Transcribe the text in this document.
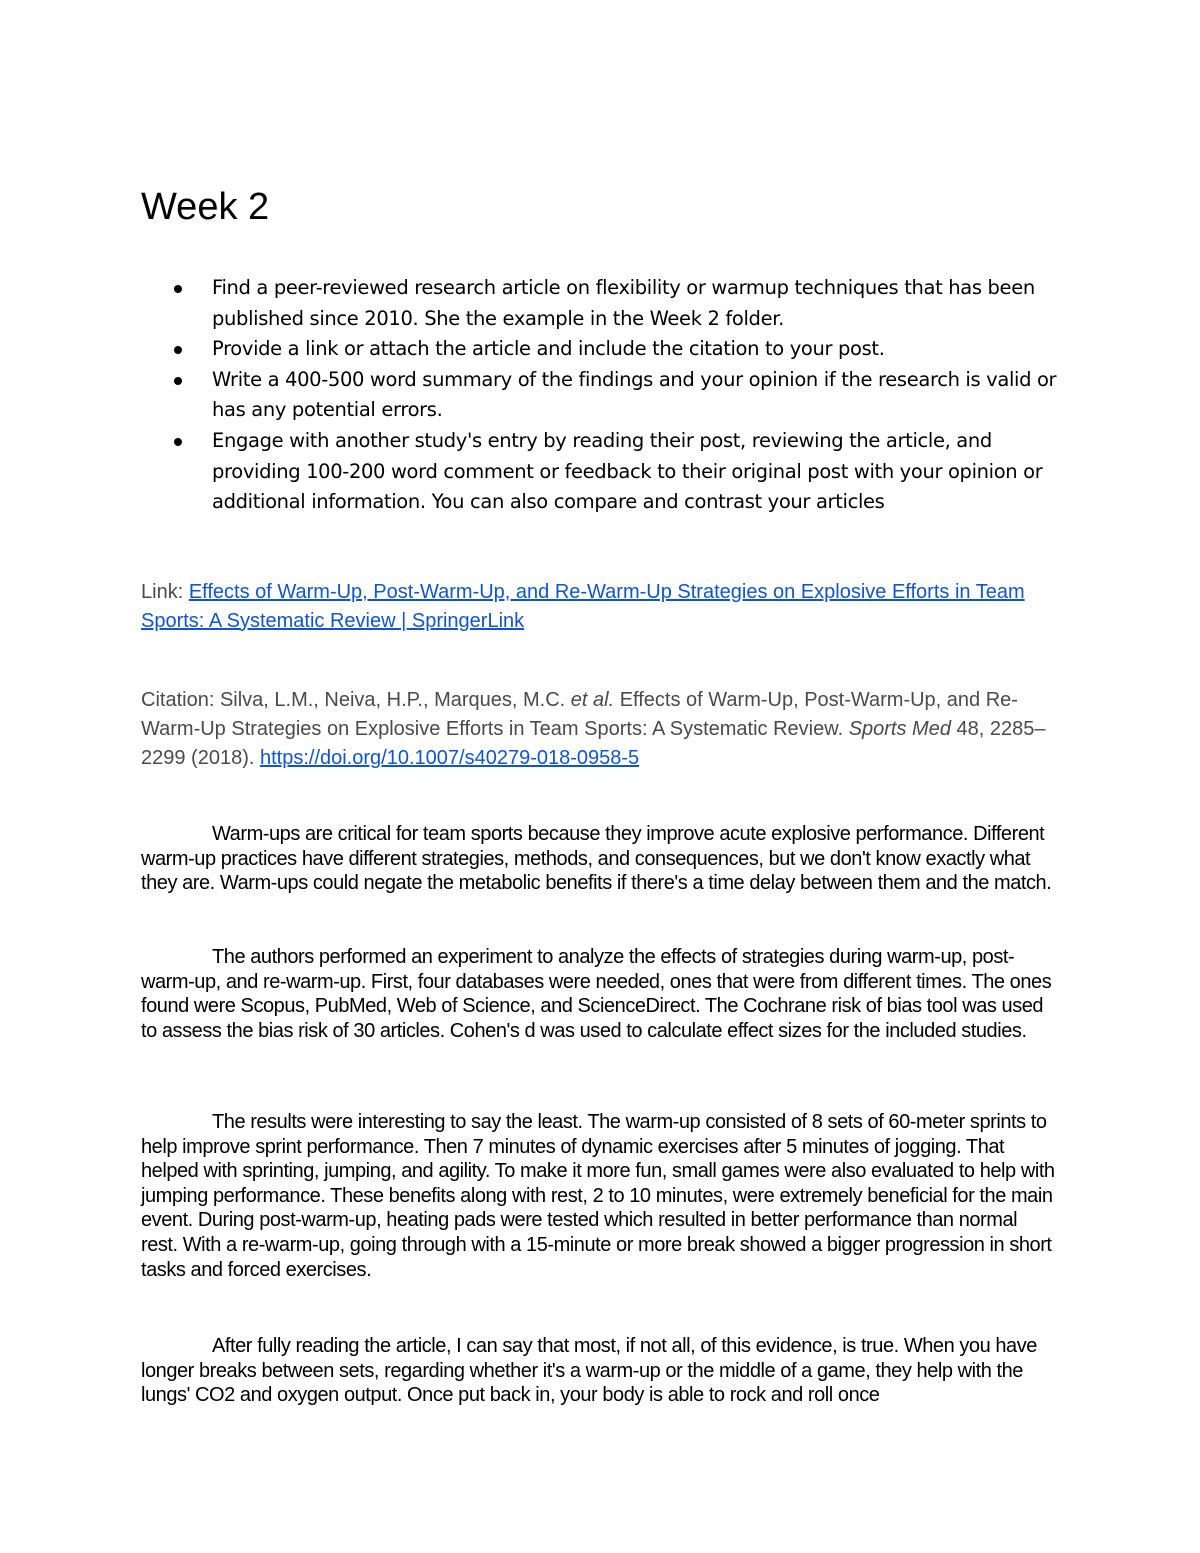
Week 2
Find a peer-reviewed research article on flexibility or warmup techniques that has been published since 2010. She the example in the Week 2 folder.
Provide a link or attach the article and include the citation to your post.
Write a 400-500 word summary of the findings and your opinion if the research is valid or has any potential errors.
Engage with another study's entry by reading their post, reviewing the article, and providing 100-200 word comment or feedback to their original post with your opinion or additional information. You can also compare and contrast your articles

Link: Effects of Warm-Up, Post-Warm-Up, and Re-Warm-Up Strategies on Explosive Efforts in Team Sports: A Systematic Review | SpringerLink

Citation: Silva, L.M., Neiva, H.P., Marques, M.C. et al. Effects of Warm-Up, Post-Warm-Up, and Re-Warm-Up Strategies on Explosive Efforts in Team Sports: A Systematic Review. Sports Med 48, 2285–2299 (2018). https://doi.org/10.1007/s40279-018-0958-5

Warm-ups are critical for team sports because they improve acute explosive performance. Different warm-up practices have different strategies, methods, and consequences, but we don't know exactly what they are. Warm-ups could negate the metabolic benefits if there's a time delay between them and the match.

The authors performed an experiment to analyze the effects of strategies during warm-up, post-warm-up, and re-warm-up. First, four databases were needed, ones that were from different times. The ones found were Scopus, PubMed, Web of Science, and ScienceDirect. The Cochrane risk of bias tool was used to assess the bias risk of 30 articles. Cohen's d was used to calculate effect sizes for the included studies.

The results were interesting to say the least. The warm-up consisted of 8 sets of 60-meter sprints to help improve sprint performance. Then 7 minutes of dynamic exercises after 5 minutes of jogging. That helped with sprinting, jumping, and agility. To make it more fun, small games were also evaluated to help with jumping performance. These benefits along with rest, 2 to 10 minutes, were extremely beneficial for the main event. During post-warm-up, heating pads were tested which resulted in better performance than normal rest. With a re-warm-up, going through with a 15-minute or more break showed a bigger progression in short tasks and forced exercises.

After fully reading the article, I can say that most, if not all, of this evidence, is true. When you have longer breaks between sets, regarding whether it's a warm-up or the middle of a game, they help with the lungs' CO2 and oxygen output. Once put back in, your body is able to rock and roll once
